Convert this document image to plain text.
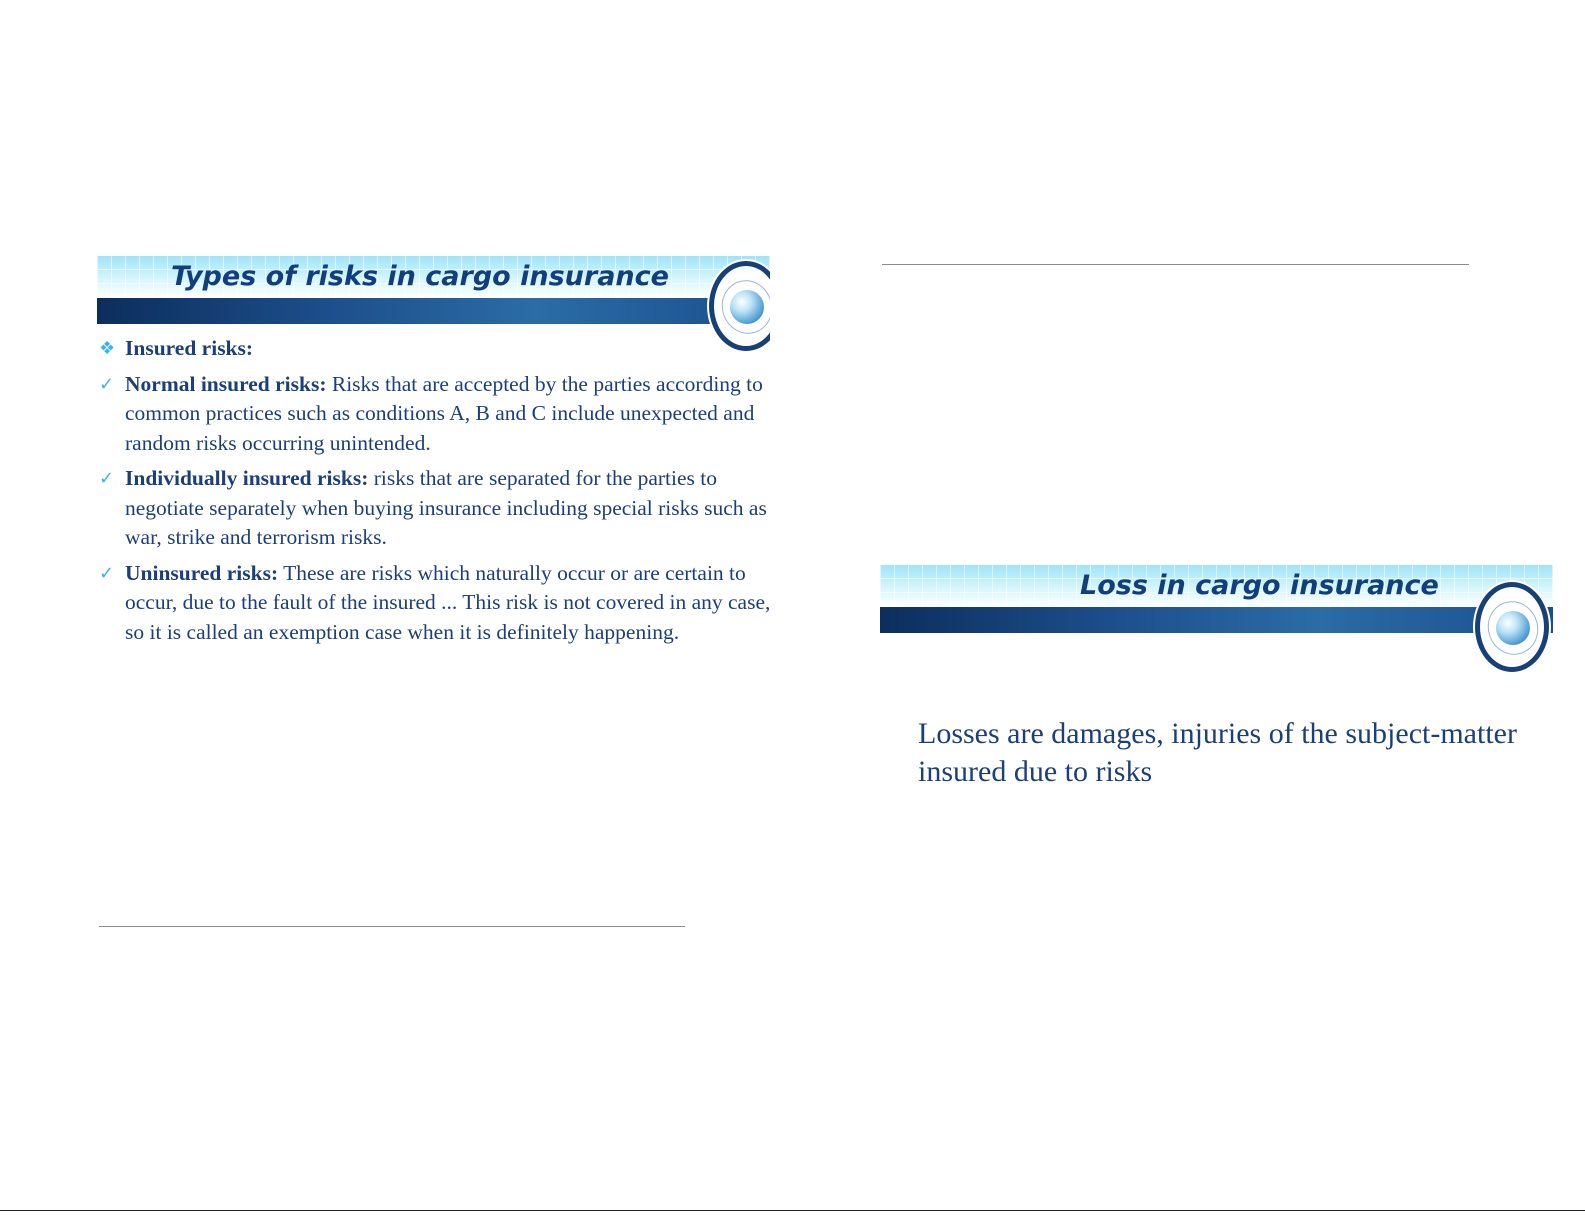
Types of risks in cargo insurance
❖ Insured risks:
✓ Normal insured risks: Risks that are accepted by the parties according to common practices such as conditions A, B and C include unexpected and random risks occurring unintended.
✓ Individually insured risks: risks that are separated for the parties to negotiate separately when buying insurance including special risks such as war, strike and terrorism risks.
✓ Uninsured risks: These are risks which naturally occur or are certain to occur, due to the fault of the insured ... This risk is not covered in any case, so it is called an exemption case when it is definitely happening.
Loss in cargo insurance
Losses are damages, injuries of the subject-matter insured due to risks
